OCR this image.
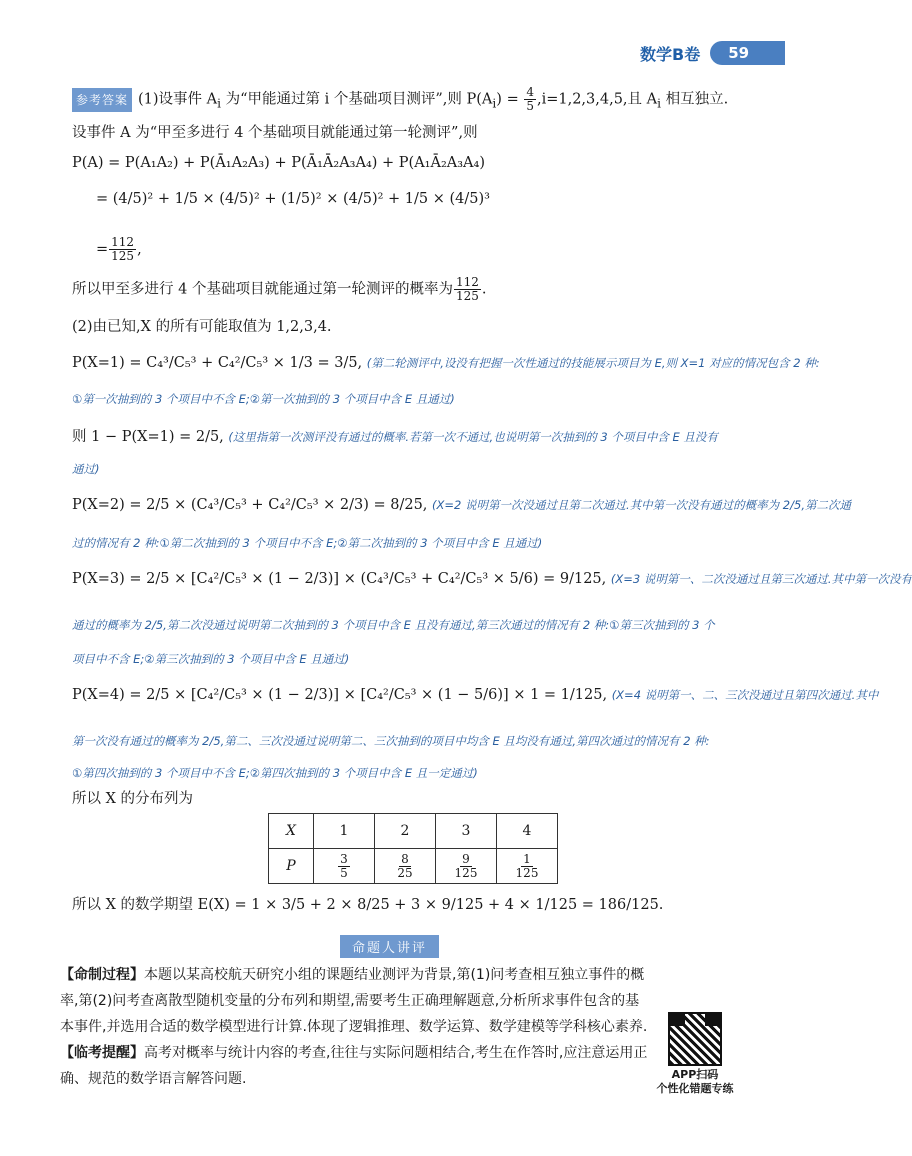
数学B卷	59
参考答案 (1)设事件 $A_i$ 为“甲能通过第 i 个基础项目测评”,则 $P(A_i) = \frac{4}{5} ,i=1,2,3,4,5$,且 $A_i$ 相互独立.
设事件 A 为“甲至多进行 4 个基础项目就能通过第一轮测评”,则
P(A) = P(A₁A₂) + P(Ā₁A₂A₃) + P(Ā₁Ā₂A₃A₄) + P(A₁Ā₂A₃A₄)
= (4/5)² + 1/5 × (4/5)² + (1/5)² × (4/5)² + 1/5 × (4/5)³
= $\frac{112}{125}$ ,
所以甲至多进行 4 个基础项目就能通过第一轮测评的概率为 $\frac{112}{125}$ .
(2)由已知,X 的所有可能取值为 1,2,3,4.
P(X=1) = C₄³/C₅³ + C₄²/C₅³ × 1/3 = 3/5, (第二轮测评中,设没有把握一次性通过的技能展示项目为 E,则 X=1 对应的情况包含 2 种:
①第一次抽到的 3 个项目中不含 E;②第一次抽到的 3 个项目中含 E 且通过)
则 1 − P(X=1) = 2/5, (这里指第一次测评没有通过的概率.若第一次不通过,也说明第一次抽到的 3 个项目中含 E 且没有
通过)
P(X=2) = 2/5 × (C₄³/C₅³ + C₄²/C₅³ × 2/3) = 8/25, (X=2 说明第一次没通过且第二次通过.其中第一次没有通过的概率为 2/5,第二次通
过的情况有 2 种:①第二次抽到的 3 个项目中不含 E;②第二次抽到的 3 个项目中含 E 且通过)
P(X=3) = 2/5 × [C₄²/C₅³ × (1 − 2/3)] × (C₄³/C₅³ + C₄²/C₅³ × 5/6) = 9/125, (X=3 说明第一、二次没通过且第三次通过.其中第一次没有
通过的概率为 2/5,第二次没通过说明第二次抽到的 3 个项目中含 E 且没有通过,第三次通过的情况有 2 种:①第三次抽到的 3 个
项目中不含 E;②第三次抽到的 3 个项目中含 E 且通过)
P(X=4) = 2/5 × [C₄²/C₅³ × (1 − 2/3)] × [C₄²/C₅³ × (1 − 5/6)] × 1 = 1/125, (X=4 说明第一、二、三次没通过且第四次通过.其中
第一次没有通过的概率为 2/5,第二、三次没通过说明第二、三次抽到的项目中均含 E 且均没有通过,第四次通过的情况有 2 种:
①第四次抽到的 3 个项目中不含 E;②第四次抽到的 3 个项目中含 E 且一定通过)
所以 X 的分布列为
X	1	2	3	4
P	$\frac{3}{5}$	$\frac{8}{25}$	$\frac{9}{125}$	$\frac{1}{125}$
所以 X 的数学期望 E(X) = 1 × 3/5 + 2 × 8/25 + 3 × 9/125 + 4 × 1/125 = 186/125.
命题人讲评
【命制过程】本题以某高校航天研究小组的课题结业测评为背景,第(1)问考查相互独立事件的概率,第(2)问考查离散型随机变量的分布列和期望,需要考生正确理解题意,分析所求事件包含的基本事件,并选用合适的数学模型进行计算.体现了逻辑推理、数学运算、数学建模等学科核心素养.
【临考提醒】高考对概率与统计内容的考查,往往与实际问题相结合,考生在作答时,应注意运用正确、规范的数学语言解答问题.	APP扫码
个性化错题专练
